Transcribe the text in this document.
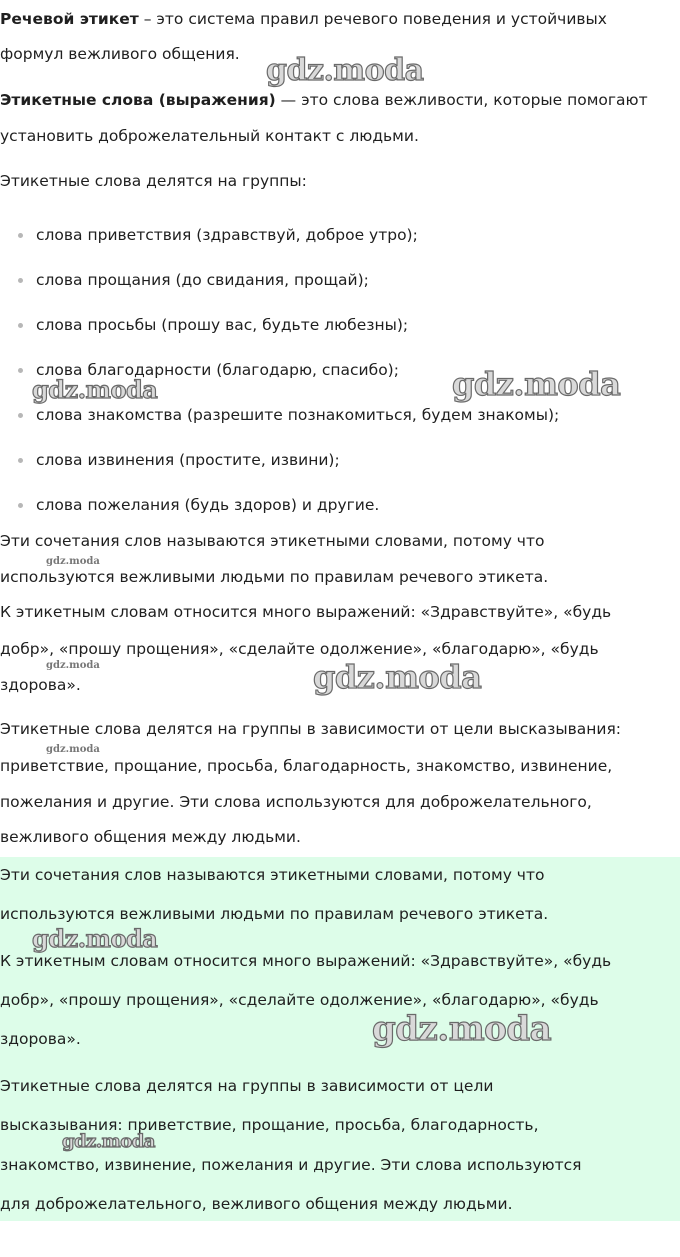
Речевой этикет – это система правил речевого поведения и устойчивых

формул вежливого общения.

Этикетные слова (выражения) — это слова вежливости, которые помогают

установить доброжелательный контакт с людьми.

Этикетные слова делятся на группы:

слова приветствия (здравствуй, доброе утро);
слова прощания (до свидания, прощай);
слова просьбы (прошу вас, будьте любезны);
слова благодарности (благодарю, спасибо);
слова знакомства (разрешите познакомиться, будем знакомы);
слова извинения (простите, извини);
слова пожелания (будь здоров) и другие.

Эти сочетания слов называются этикетными словами, потому что

используются вежливыми людьми по правилам речевого этикета.

К этикетным словам относится много выражений: «Здравствуйте», «будь

добр», «прошу прощения», «сделайте одолжение», «благодарю», «будь

здорова».

Этикетные слова делятся на группы в зависимости от цели высказывания:

приветствие, прощание, просьба, благодарность, знакомство, извинение,

пожелания и другие. Эти слова используются для доброжелательного,

вежливого общения между людьми.

Эти сочетания слов называются этикетными словами, потому что

используются вежливыми людьми по правилам речевого этикета.

К этикетным словам относится много выражений: «Здравствуйте», «будь

добр», «прошу прощения», «сделайте одолжение», «благодарю», «будь

здорова».

Этикетные слова делятся на группы в зависимости от цели

высказывания: приветствие, прощание, просьба, благодарность,

знакомство, извинение, пожелания и другие. Эти слова используются

для доброжелательного, вежливого общения между людьми.

gdz.moda
gdz.moda	gdz.moda
gdz.moda
gdz.moda	gdz.moda
gdz.moda
gdz.moda
gdz.moda
gdz.moda
